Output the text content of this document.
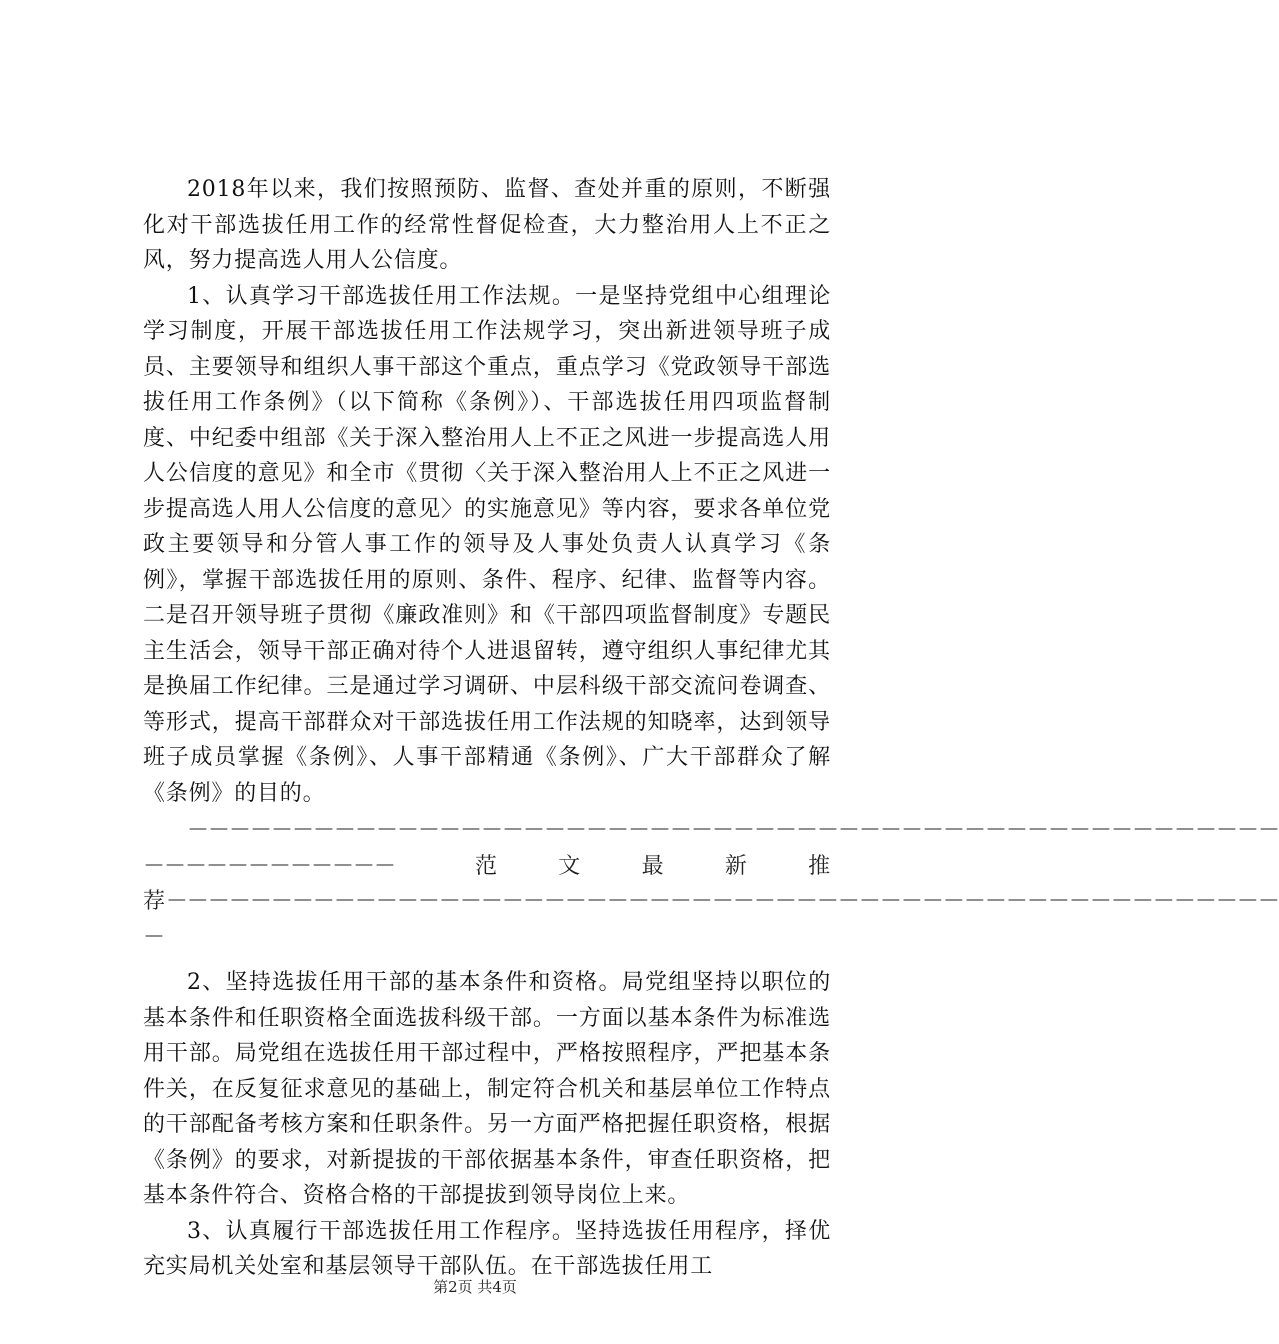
2018年以来，我们按照预防、监督、查处并重的原则，不断强化对干部选拔任用工作的经常性督促检查，大力整治用人上不正之风，努力提高选人用人公信度。

1、认真学习干部选拔任用工作法规。一是坚持党组中心组理论学习制度，开展干部选拔任用工作法规学习，突出新进领导班子成员、主要领导和组织人事干部这个重点，重点学习《党政领导干部选拔任用工作条例》（以下简称《条例》）、干部选拔任用四项监督制度、中纪委中组部《关于深入整治用人上不正之风进一步提高选人用人公信度的意见》和全市《贯彻〈关于深入整治用人上不正之风进一步提高选人用人公信度的意见〉的实施意见》等内容，要求各单位党政主要领导和分管人事工作的领导及人事处负责人认真学习《条例》，掌握干部选拔任用的原则、条件、程序、纪律、监督等内容。二是召开领导班子贯彻《廉政准则》和《干部四项监督制度》专题民主生活会，领导干部正确对待个人进退留转，遵守组织人事纪律尤其是换届工作纪律。三是通过学习调研、中层科级干部交流问卷调查、等形式，提高干部群众对干部选拔任用工作法规的知晓率，达到领导班子成员掌握《条例》、人事干部精通《条例》、广大干部群众了解《条例》的目的。

－－－－－－－－－－－－－－－－－－－－－－－－－－－－－－－－－－－－－－－－－－－－－－－－－－－－
－－－－－－－－－－－－	范	文	最	新	推
荐－－－－－－－－－－－－－－－－－－－－－－－－－－－－－－－－－－－－－－－－－－－－－－－－－－－－－
－

2、坚持选拔任用干部的基本条件和资格。局党组坚持以职位的基本条件和任职资格全面选拔科级干部。一方面以基本条件为标准选用干部。局党组在选拔任用干部过程中，严格按照程序，严把基本条件关，在反复征求意见的基础上，制定符合机关和基层单位工作特点的干部配备考核方案和任职条件。另一方面严格把握任职资格，根据《条例》的要求，对新提拔的干部依据基本条件，审查任职资格，把基本条件符合、资格合格的干部提拔到领导岗位上来。

3、认真履行干部选拔任用工作程序。坚持选拔任用程序，择优充实局机关处室和基层领导干部队伍。在干部选拔任用工

第2页 共4页
